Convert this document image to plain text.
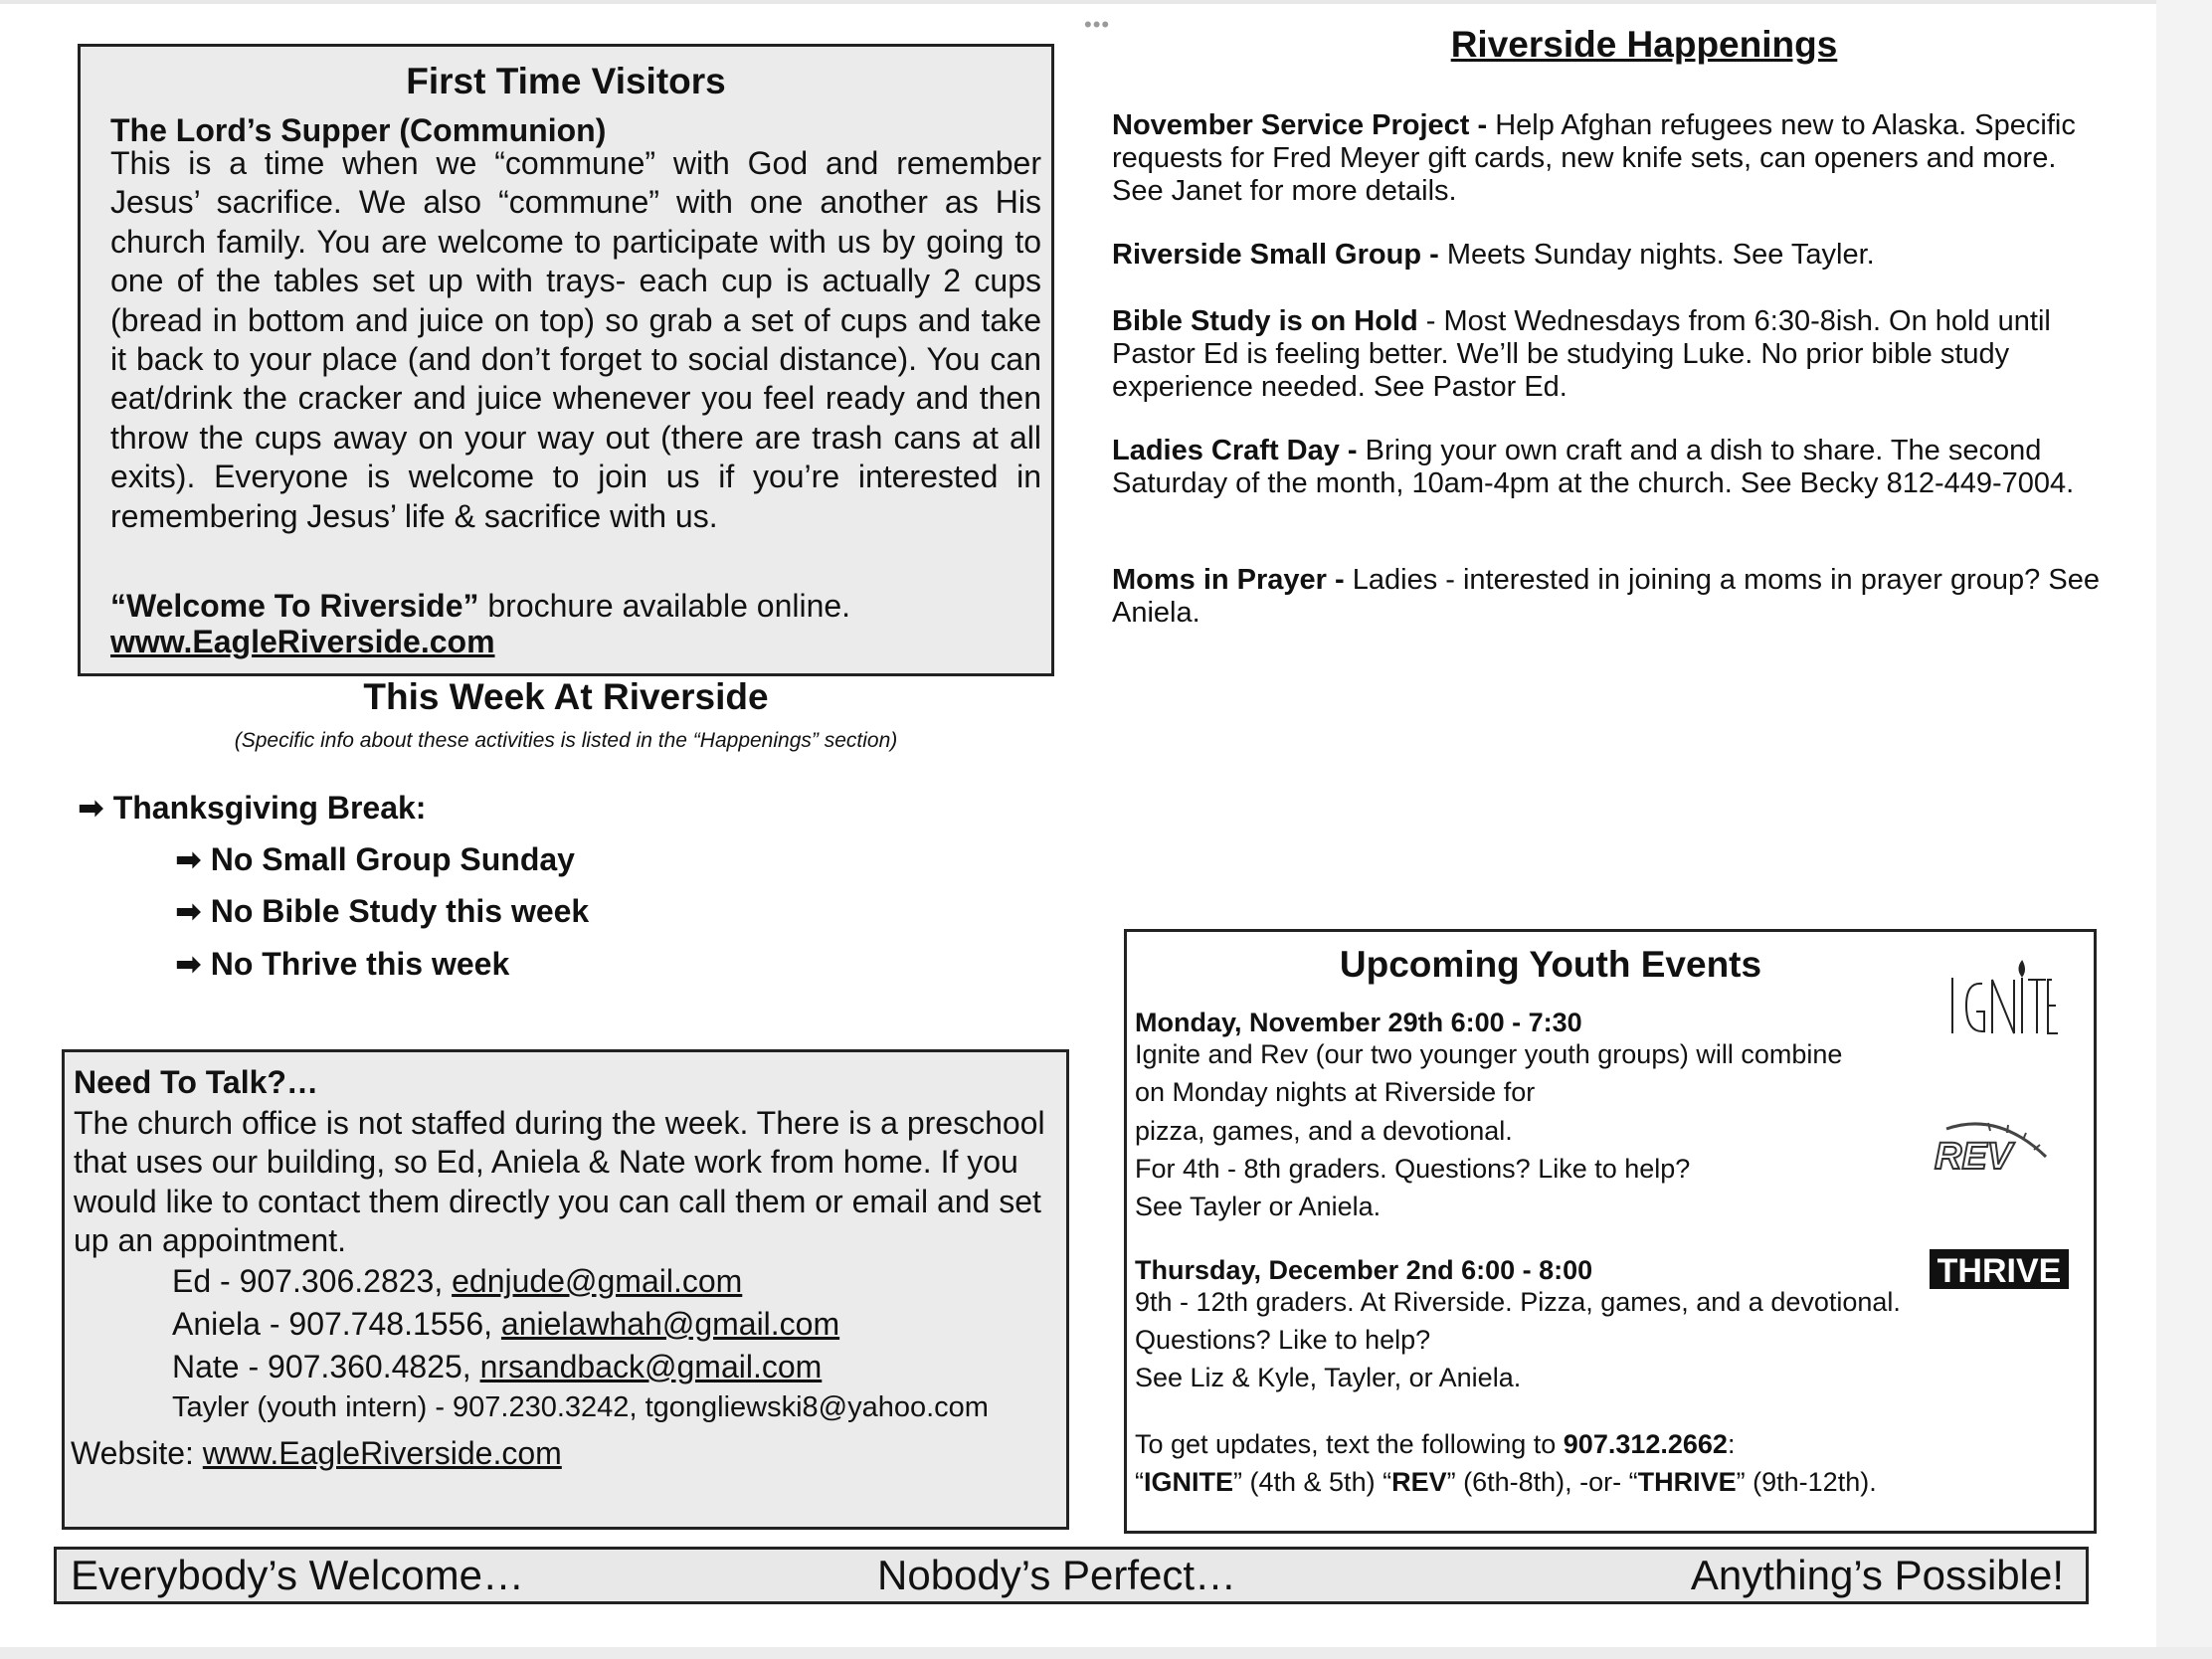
•••
First Time Visitors
The Lord’s Supper (Communion)
This is a time when we “commune” with God and remember Jesus’ sacrifice. We also “commune” with one another as His church family. You are welcome to participate with us by going to one of the tables set up with trays- each cup is actually 2 cups (bread in bottom and juice on top) so grab a set of cups and take it back to your place (and don’t forget to social distance). You can eat/drink the cracker and juice whenever you feel ready and then throw the cups away on your way out (there are trash cans at all exits). Everyone is welcome to join us if you’re interested in remembering Jesus’ life & sacrifice with us.
“Welcome To Riverside” brochure available online.
www.EagleRiverside.com
This Week At Riverside
(Specific info about these activities is listed in the “Happenings” section)
➡ Thanksgiving Break:
➡ No Small Group Sunday
➡ No Bible Study this week
➡ No Thrive this week
Need To Talk?…
The church office is not staffed during the week. There is a preschool that uses our building, so Ed, Aniela & Nate work from home. If you would like to contact them directly you can call them or email and set up an appointment.
Ed - 907.306.2823, ednjude@gmail.com
Aniela - 907.748.1556, anielawhah@gmail.com
Nate - 907.360.4825, nrsandback@gmail.com
Tayler (youth intern) - 907.230.3242, tgongliewski8@yahoo.com
Website: www.EagleRiverside.com
Riverside Happenings
November Service Project - Help Afghan refugees new to Alaska. Specific requests for Fred Meyer gift cards, new knife sets, can openers and more. See Janet for more details.
Riverside Small Group - Meets Sunday nights. See Tayler.
Bible Study is on Hold - Most Wednesdays from 6:30-8ish. On hold until Pastor Ed is feeling better. We’ll be studying Luke. No prior bible study experience needed. See Pastor Ed.
Ladies Craft Day - Bring your own craft and a dish to share. The second Saturday of the month, 10am-4pm at the church. See Becky 812-449-7004.
Moms in Prayer - Ladies - interested in joining a moms in prayer group? See Aniela.
Upcoming Youth Events
Monday, November 29th 6:00 - 7:30
Ignite and Rev (our two younger youth groups) will combine
on Monday nights at Riverside for
pizza, games, and a devotional.
For 4th - 8th graders. Questions? Like to help?
See Tayler or Aniela.
Thursday, December 2nd 6:00 - 8:00
9th - 12th graders. At Riverside. Pizza, games, and a devotional.
Questions? Like to help?
See Liz & Kyle, Tayler, or Aniela.
To get updates, text the following to 907.312.2662:
“IGNITE” (4th & 5th) “REV” (6th-8th), -or- “THRIVE” (9th-12th).
REV
THRIVE
Everybody’s Welcome…	Nobody’s Perfect…	Anything’s Possible!
